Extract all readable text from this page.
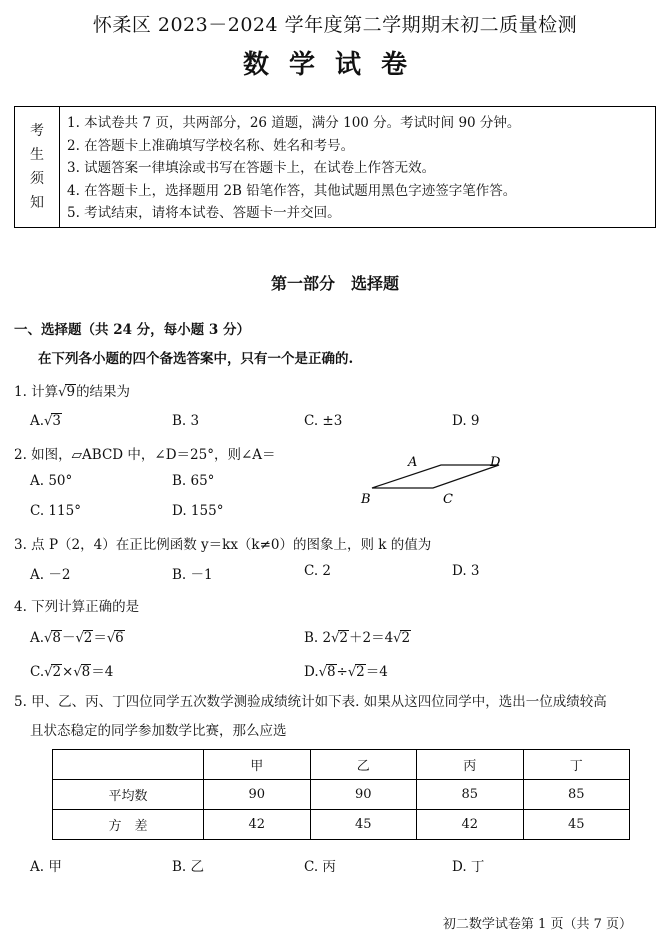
怀柔区 2023－2024 学年度第二学期期末初二质量检测
数学试卷
考
生
须
知
1. 本试卷共 7 页，共两部分，26 道题，满分 100 分。考试时间 90 分钟。
2. 在答题卡上准确填写学校名称、姓名和考号。
3. 试题答案一律填涂或书写在答题卡上，在试卷上作答无效。
4. 在答题卡上，选择题用 2B 铅笔作答，其他试题用黑色字迹签字笔作答。
5. 考试结束，请将本试卷、答题卡一并交回。
第一部分　选择题
一、选择题（共 24 分，每小题 3 分）
在下列各小题的四个备选答案中，只有一个是正确的.
1. 计算√9的结果为
A.√3	B. 3	C. ±3	D. 9
2. 如图，▱ABCD 中，∠D＝25°，则∠A＝
A. 50°	B. 65°
C. 115°	D. 155°
A	D
B	C
3. 点 P（2，4）在正比例函数 y＝kx（k≠0）的图象上，则 k 的值为
A. －2	B. －1	C. 2	D. 3
4. 下列计算正确的是
A.√8－√2＝√6	B. 2√2＋2＝4√2
C.√2×√8＝4	D.√8÷√2＝4
5. 甲、乙、丙、丁四位同学五次数学测验成绩统计如下表. 如果从这四位同学中，选出一位成绩较高
且状态稳定的同学参加数学比赛，那么应选
	甲	乙	丙	丁
平均数	90	90	85	85
方　差	42	45	42	45
A. 甲	B. 乙	C. 丙	D. 丁
初二数学试卷第 1 页（共 7 页）
